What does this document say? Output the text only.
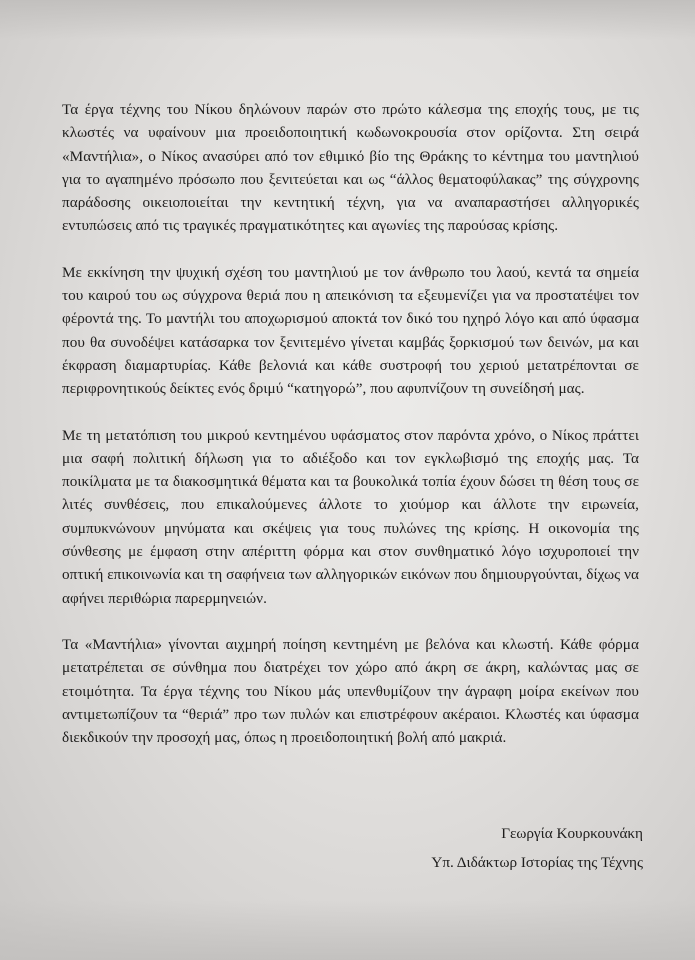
Τα έργα τέχνης του Νίκου δηλώνουν παρών στο πρώτο κάλεσμα της εποχής τους, με τις κλωστές να υφαίνουν μια προειδοποιητική κωδωνοκρουσία στον ορίζοντα. Στη σειρά «Μαντήλια», ο Νίκος ανασύρει από τον εθιμικό βίο της Θράκης το κέντημα του μαντηλιού για το αγαπημένο πρόσωπο που ξενιτεύεται και ως “άλλος θεματοφύλακας” της σύγχρονης παράδοσης οικειοποιείται την κεντητική τέχνη, για να αναπαραστήσει αλληγορικές εντυπώσεις από τις τραγικές πραγματικότητες και αγωνίες της παρούσας κρίσης.

Με εκκίνηση την ψυχική σχέση του μαντηλιού με τον άνθρωπο του λαού, κεντά τα σημεία του καιρού του ως σύγχρονα θεριά που η απεικόνιση τα εξευμενίζει για να προστατέψει τον φέροντά της. Το μαντήλι του αποχωρισμού αποκτά τον δικό του ηχηρό λόγο και από ύφασμα που θα συνοδέψει κατάσαρκα τον ξενιτεμένο γίνεται καμβάς ξορκισμού των δεινών, μα και έκφραση διαμαρτυρίας. Κάθε βελονιά και κάθε συστροφή του χεριού μετατρέπονται σε περιφρονητικούς δείκτες ενός δριμύ “κατηγορώ”, που αφυπνίζουν τη συνείδησή μας.

Με τη μετατόπιση του μικρού κεντημένου υφάσματος στον παρόντα χρόνο, ο Νίκος πράττει μια σαφή πολιτική δήλωση για το αδιέξοδο και τον εγκλωβισμό της εποχής μας. Τα ποικίλματα με τα διακοσμητικά θέματα και τα βουκολικά τοπία έχουν δώσει τη θέση τους σε λιτές συνθέσεις, που επικαλούμενες άλλοτε το χιούμορ και άλλοτε την ειρωνεία, συμπυκνώνουν μηνύματα και σκέψεις για τους πυλώνες της κρίσης. Η οικονομία της σύνθεσης με έμφαση στην απέριττη φόρμα και στον συνθηματικό λόγο ισχυροποιεί την οπτική επικοινωνία και τη σαφήνεια των αλληγορικών εικόνων που δημιουργούνται, δίχως να αφήνει περιθώρια παρερμηνειών.

Τα «Μαντήλια» γίνονται αιχμηρή ποίηση κεντημένη με βελόνα και κλωστή. Κάθε φόρμα μετατρέπεται σε σύνθημα που διατρέχει τον χώρο από άκρη σε άκρη, καλώντας μας σε ετοιμότητα. Τα έργα τέχνης του Νίκου μάς υπενθυμίζουν την άγραφη μοίρα εκείνων που αντιμετωπίζουν τα “θεριά” προ των πυλών και επιστρέφουν ακέραιοι. Κλωστές και ύφασμα διεκδικούν την προσοχή μας, όπως η προειδοποιητική βολή από μακριά.

Γεωργία Κουρκουνάκη
Υπ. Διδάκτωρ Ιστορίας της Τέχνης
